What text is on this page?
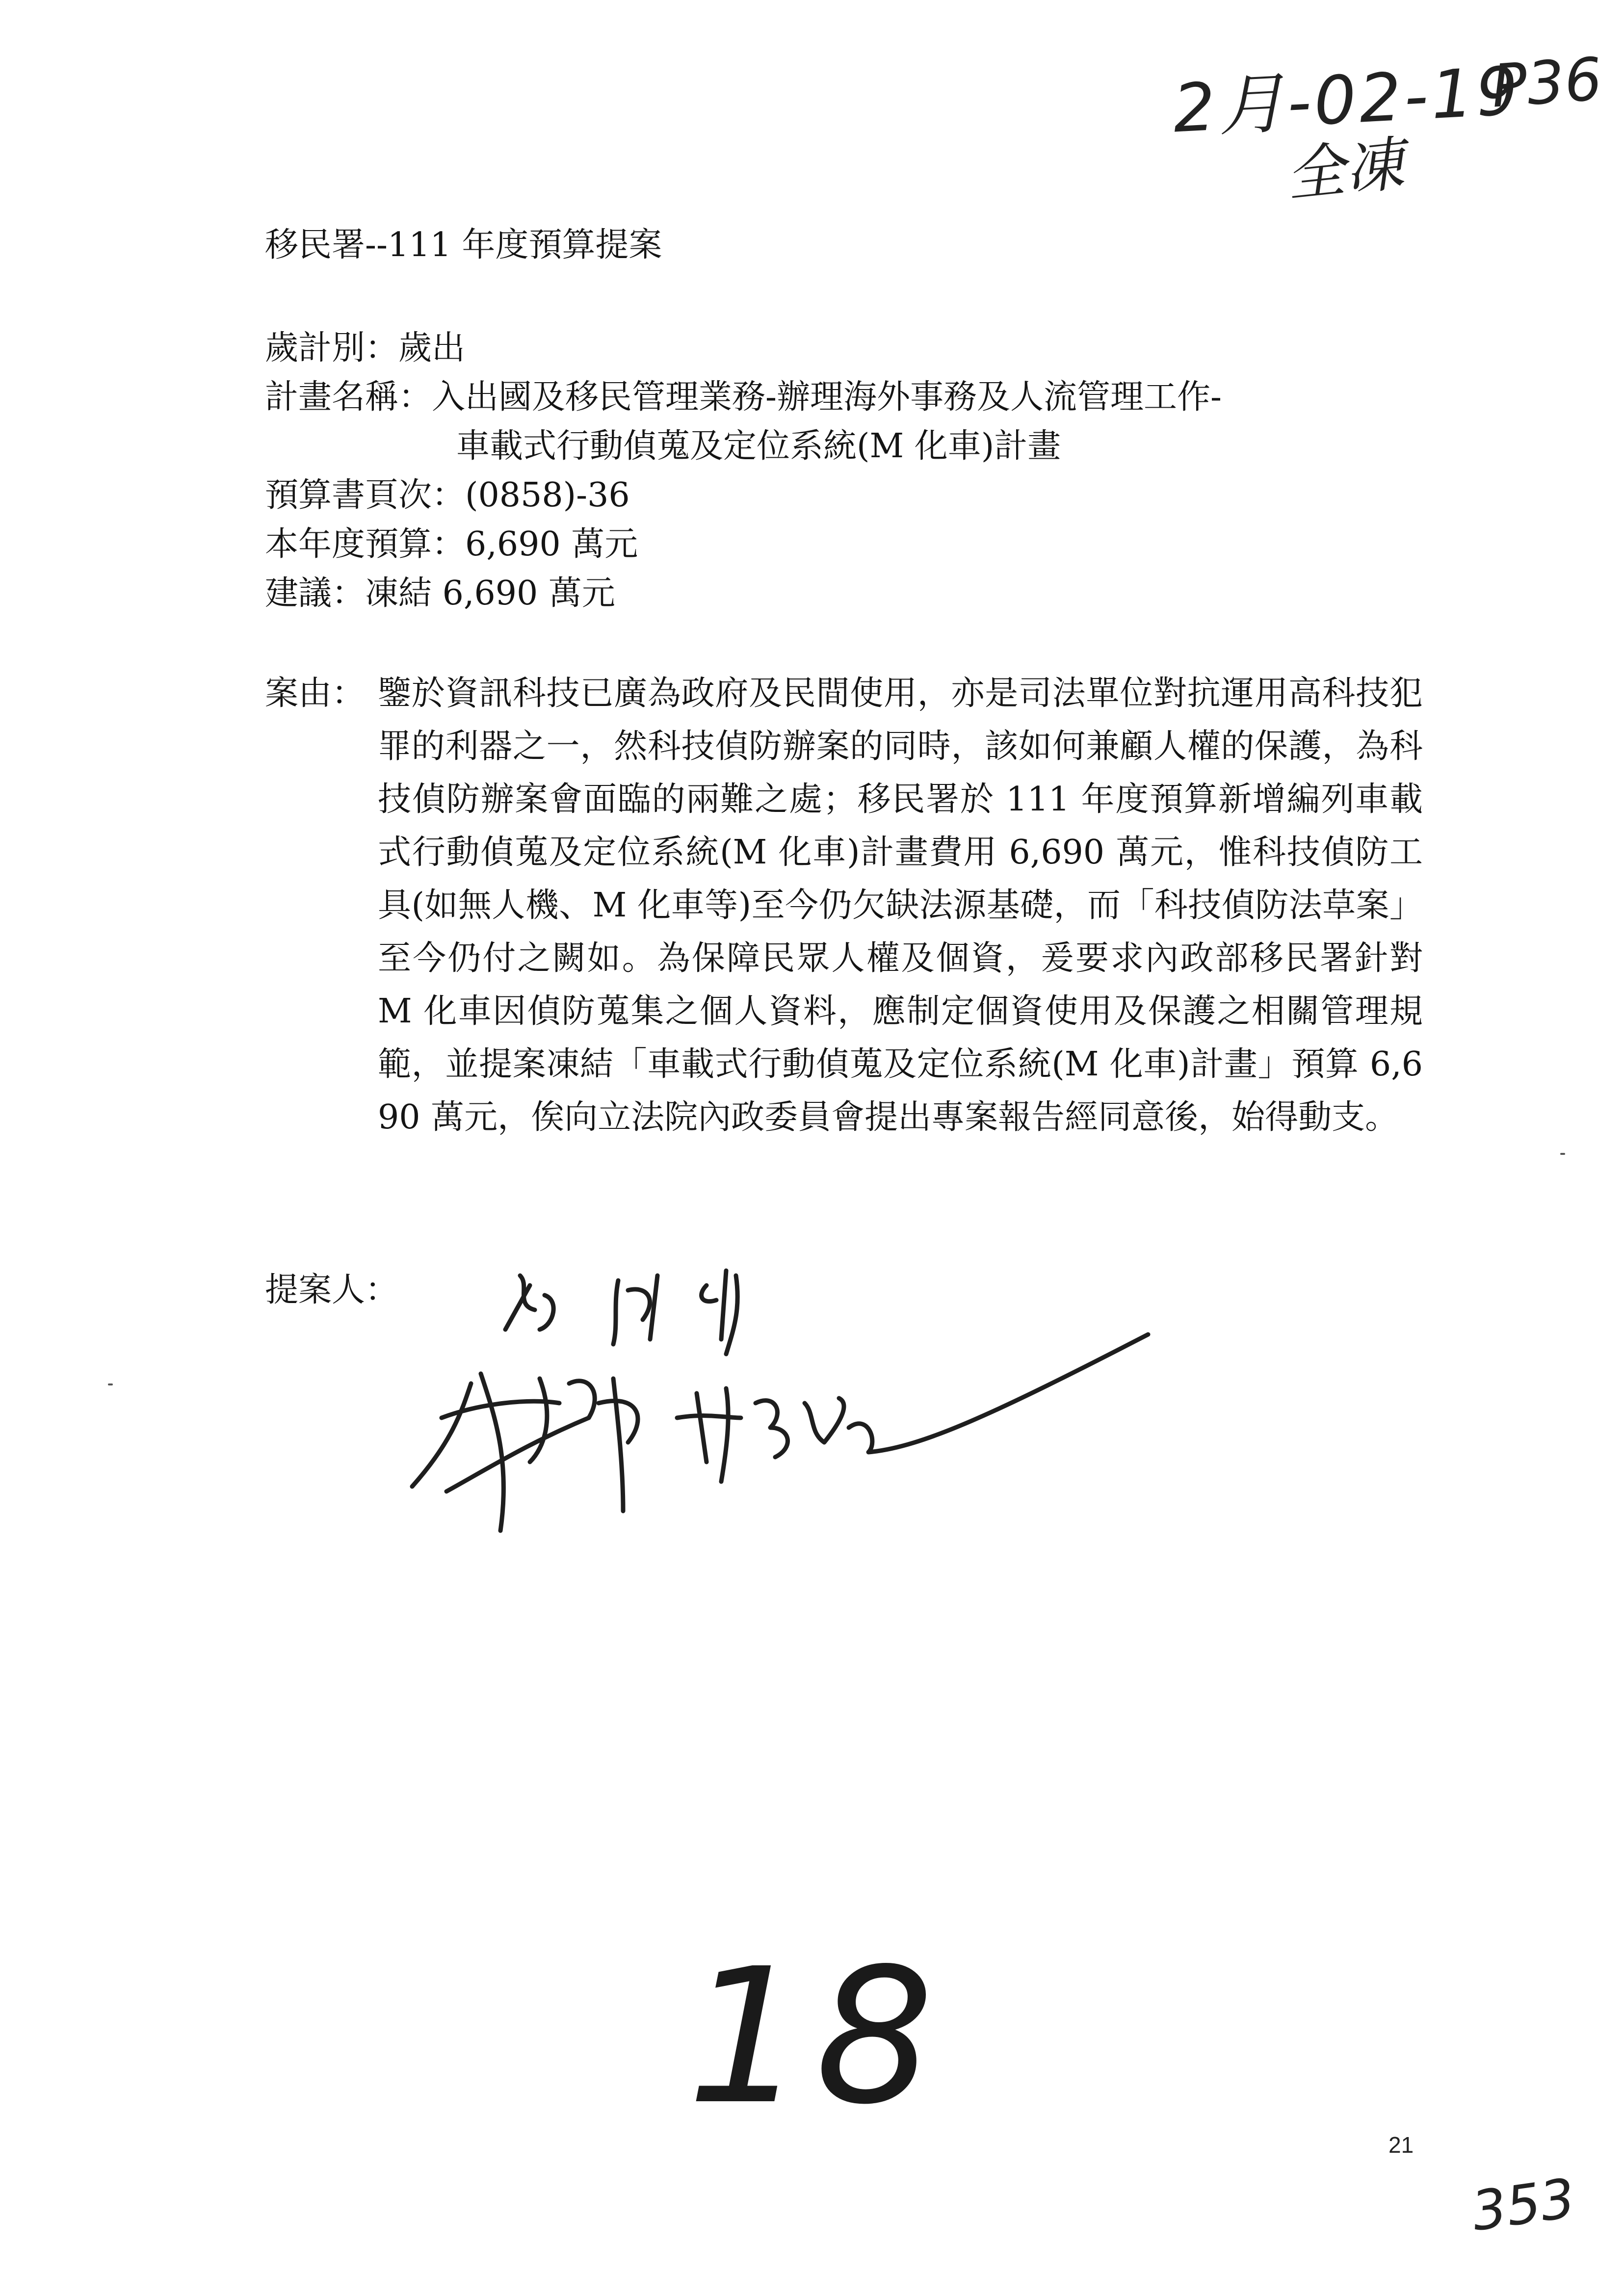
2月-02-19
P36
全凍
移民署--111 年度預算提案
歲計別：歲出
計畫名稱：入出國及移民管理業務-辦理海外事務及人流管理工作-
車載式行動偵蒐及定位系統(M 化車)計畫
預算書頁次：(0858)-36
本年度預算：6,690 萬元
建議：凍結 6,690 萬元
案由： 鑒於資訊科技已廣為政府及民間使用，亦是司法單位對抗運用高科技犯罪的利器之一，然科技偵防辦案的同時，該如何兼顧人權的保護，為科技偵防辦案會面臨的兩難之處；移民署於 111 年度預算新增編列車載式行動偵蒐及定位系統(M 化車)計畫費用 6,690 萬元，惟科技偵防工具(如無人機、M 化車等)至今仍欠缺法源基礎，而「科技偵防法草案」至今仍付之闕如。為保障民眾人權及個資，爰要求內政部移民署針對 M 化車因偵防蒐集之個人資料，應制定個資使用及保護之相關管理規範，並提案凍結「車載式行動偵蒐及定位系統(M 化車)計畫」預算 6,690 萬元，俟向立法院內政委員會提出專案報告經同意後，始得動支。
提案人：
18	21
353
